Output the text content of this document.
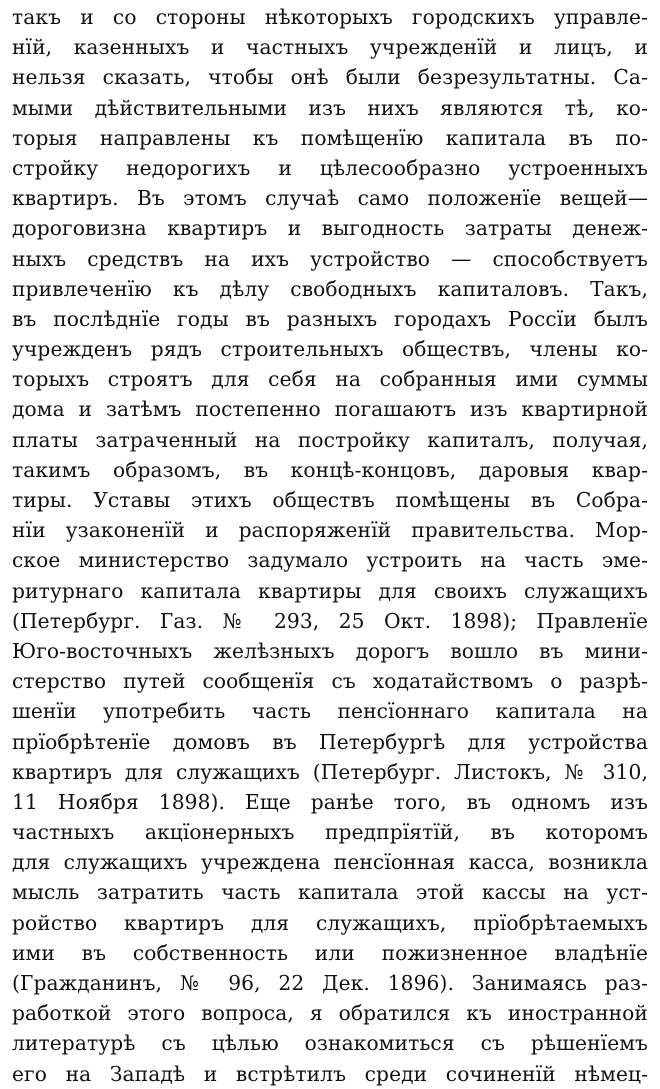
такъ и со стороны нѣкоторыхъ городскихъ управле-
нїй, казенныхъ и частныхъ учрежденїй и лицъ, и
нельзя сказать, чтобы онѣ были безрезультатны. Са-
мыми дѣйствительными изъ нихъ являются тѣ, ко-
торыя направлены къ помѣщенїю капитала въ по-
стройку недорогихъ и цѣлесообразно устроенныхъ
квартиръ. Въ этомъ случаѣ само положенїе вещей—
дороговизна квартиръ и выгодность затраты денеж-
ныхъ средствъ на ихъ устройство — способствуетъ
привлеченїю къ дѣлу свободныхъ капиталовъ. Такъ,
въ послѣднїе годы въ разныхъ городахъ Россїи былъ
учрежденъ рядъ строительныхъ обществъ, члены ко-
торыхъ строятъ для себя на собранныя ими суммы
дома и затѣмъ постепенно погашаютъ изъ квартирной
платы затраченный на постройку капиталъ, получая,
такимъ образомъ, въ концѣ-концовъ, даровыя квар-
тиры. Уставы этихъ обществъ помѣщены въ Собра-
нїи узаконенїй и распоряженїй правительства. Мор-
ское министерство задумало устроить на часть эме-
ритурнаго капитала квартиры для своихъ служащихъ
(Петербург. Газ. № 293, 25 Окт. 1898); Правленїе
Юго-восточныхъ желѣзныхъ дорогъ вошло въ мини-
стерство путей сообщенїя съ ходатайствомъ о разрѣ-
шенїи употребить часть пенсїоннаго капитала на
прїобрѣтенїе домовъ въ Петербургѣ для устройства
квартиръ для служащихъ (Петербург. Листокъ, № 310,
11 Ноября 1898). Еще ранѣе того, въ одномъ изъ
частныхъ акцїонерныхъ предпрїятїй, въ которомъ
для служащихъ учреждена пенсїонная касса, возникла
мысль затратить часть капитала этой кассы на уст-
ройство квартиръ для служащихъ, прїобрѣтаемыхъ
ими въ собственность или пожизненное владѣнїе
(Гражданинъ, № 96, 22 Дек. 1896). Занимаясь раз-
работкой этого вопроса, я обратился къ иностранной
литературѣ съ цѣлью ознакомиться съ рѣшенїемъ
его на Западѣ и встрѣтилъ среди сочиненїй нѣмец-
